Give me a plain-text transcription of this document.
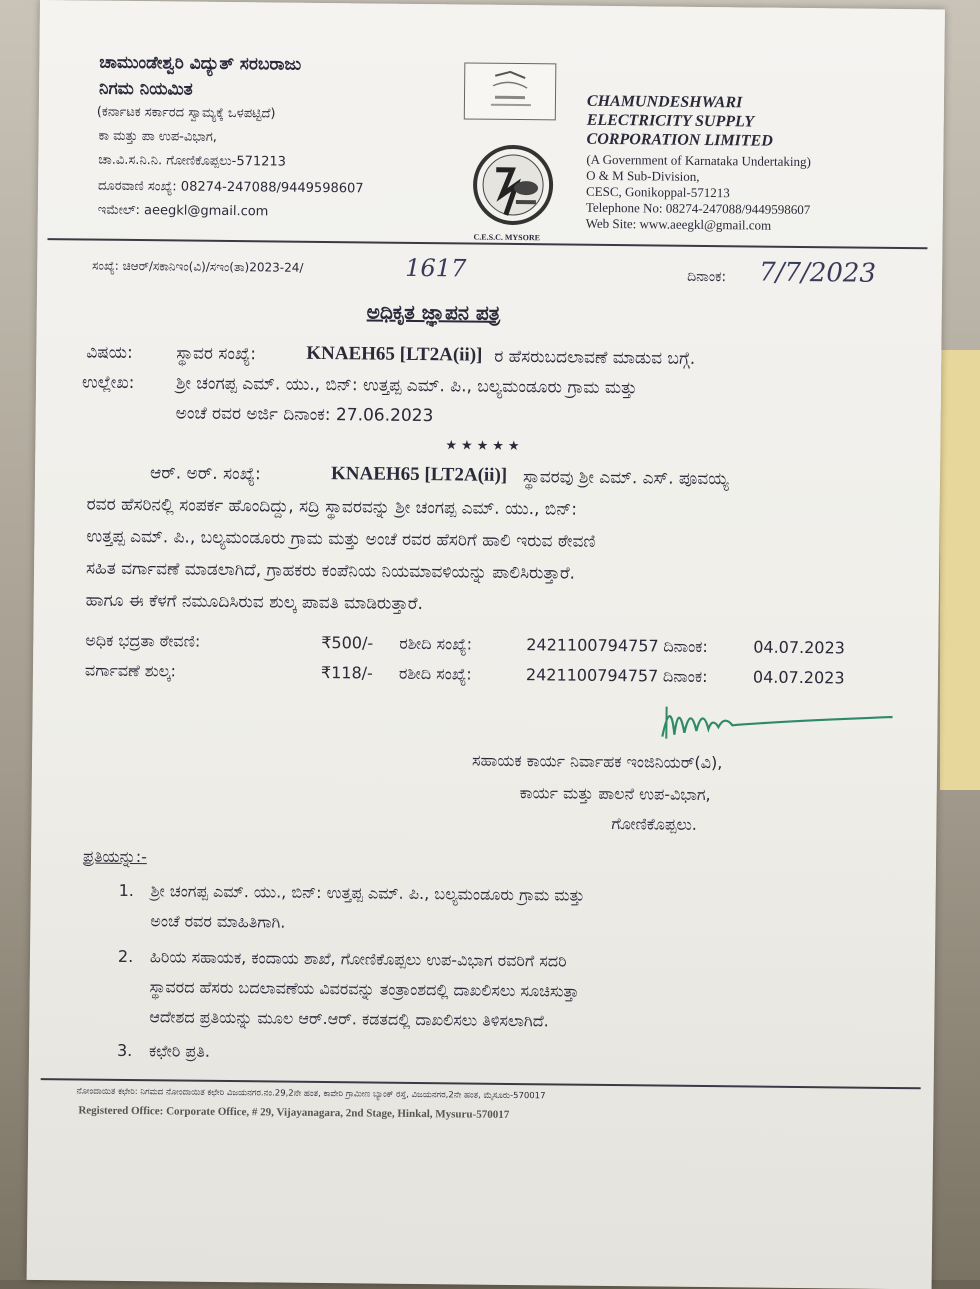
ಚಾಮುಂಡೇಶ್ವರಿ ವಿದ್ಯುತ್ ಸರಬರಾಜು
ನಿಗಮ ನಿಯಮಿತ
(ಕರ್ನಾಟಕ ಸರ್ಕಾರದ ಸ್ವಾಮ್ಯಕ್ಕೆ ಒಳಪಟ್ಟಿದೆ)
ಕಾ ಮತ್ತು ಪಾ ಉಪ-ವಿಭಾಗ,
ಚಾ.ವಿ.ಸ.ನಿ.ನಿ. ಗೋಣಿಕೊಪ್ಪಲು-571213
ದೂರವಾಣಿ ಸಂಖ್ಯೆ: 08274-247088/9449598607
ಇಮೇಲ್: aeegkl@gmail.com
C.E.S.C. MYSORE
CHAMUNDESHWARI
ELECTRICITY SUPPLY
CORPORATION LIMITED
(A Government of Karnataka Undertaking)
O & M Sub-Division,
CESC, Gonikoppal-571213
Telephone No: 08274-247088/9449598607
Web Site: www.aeegkl@gmail.com
ಸಂಖ್ಯೆ: ಚಿಆರ್/ಸಕಾನಿಇಂ(ವಿ)/ಸಇಂ(ತಾ)2023-24/	1617	ದಿನಾಂಕ: 7/7/2023
ಅಧಿಕೃತ ಜ್ಞಾಪನ ಪತ್ರ
ವಿಷಯ:	ಸ್ಥಾವರ ಸಂಖ್ಯೆ:	KNAEH65 [LT2A(ii)] ರ ಹೆಸರುಬದಲಾವಣೆ ಮಾಡುವ ಬಗ್ಗೆ.
ಉಲ್ಲೇಖ: ಶ್ರೀ ಚಂಗಪ್ಪ ಎಮ್. ಯು., ಬಿನ್: ಉತ್ತಪ್ಪ ಎಮ್. ಪಿ., ಬಲ್ಯಮಂಡೂರು ಗ್ರಾಮ ಮತ್ತು
ಅಂಚೆ ರವರ ಅರ್ಜಿ ದಿನಾಂಕ: 27.06.2023
★★★★★
ಆರ್. ಅರ್. ಸಂಖ್ಯೆ:	KNAEH65 [LT2A(ii)] ಸ್ಥಾವರವು ಶ್ರೀ ಎಮ್. ಎಸ್. ಪೂವಯ್ಯ
ರವರ ಹೆಸರಿನಲ್ಲಿ ಸಂಪರ್ಕ ಹೊಂದಿದ್ದು, ಸದ್ರಿ ಸ್ಥಾವರವನ್ನು ಶ್ರೀ ಚಂಗಪ್ಪ ಎಮ್. ಯು., ಬಿನ್:
ಉತ್ತಪ್ಪ ಎಮ್. ಪಿ., ಬಲ್ಯಮಂಡೂರು ಗ್ರಾಮ ಮತ್ತು ಅಂಚೆ ರವರ ಹೆಸರಿಗೆ ಹಾಲಿ ಇರುವ ಠೇವಣಿ
ಸಹಿತ ವರ್ಗಾವಣೆ ಮಾಡಲಾಗಿದೆ, ಗ್ರಾಹಕರು ಕಂಪೆನಿಯ ನಿಯಮಾವಳಿಯನ್ನು ಪಾಲಿಸಿರುತ್ತಾರೆ.
ಹಾಗೂ ಈ ಕೆಳಗೆ ನಮೂದಿಸಿರುವ ಶುಲ್ಕ ಪಾವತಿ ಮಾಡಿರುತ್ತಾರೆ.
ಅಧಿಕ ಭದ್ರತಾ ಠೇವಣಿ:	₹500/- ರಶೀದಿ ಸಂಖ್ಯೆ:	2421100794757 ದಿನಾಂಕ:	04.07.2023
ವರ್ಗಾವಣೆ ಶುಲ್ಕ:	₹118/- ರಶೀದಿ ಸಂಖ್ಯೆ:	2421100794757 ದಿನಾಂಕ:	04.07.2023
ಸಹಾಯಕ ಕಾರ್ಯ ನಿರ್ವಾಹಕ ಇಂಜಿನಿಯರ್(ವಿ),
ಕಾರ್ಯ ಮತ್ತು ಪಾಲನೆ ಉಪ-ವಿಭಾಗ,
ಗೋಣಿಕೊಪ್ಪಲು.
ಪ್ರತಿಯನ್ನು:-
1. ಶ್ರೀ ಚಂಗಪ್ಪ ಎಮ್. ಯು., ಬಿನ್: ಉತ್ತಪ್ಪ ಎಮ್. ಪಿ., ಬಲ್ಯಮಂಡೂರು ಗ್ರಾಮ ಮತ್ತು
ಅಂಚೆ ರವರ ಮಾಹಿತಿಗಾಗಿ.
2. ಹಿರಿಯ ಸಹಾಯಕ, ಕಂದಾಯ ಶಾಖೆ, ಗೋಣಿಕೊಪ್ಪಲು ಉಪ-ವಿಭಾಗ ರವರಿಗೆ ಸದರಿ
ಸ್ಥಾವರದ ಹೆಸರು ಬದಲಾವಣೆಯ ವಿವರವನ್ನು ತಂತ್ರಾಂಶದಲ್ಲಿ ದಾಖಲಿಸಲು ಸೂಚಿಸುತ್ತಾ
ಆದೇಶದ ಪ್ರತಿಯನ್ನು ಮೂಲ ಆರ್.ಆರ್. ಕಡತದಲ್ಲಿ ದಾಖಲಿಸಲು ತಿಳಿಸಲಾಗಿದೆ.
3. ಕಛೇರಿ ಪ್ರತಿ.
ನೋಂದಾಯಿತ ಕಛೇರಿ: ನಿಗಮದ ನೋಂದಾಯಿತ ಕಛೇರಿ ವಿಜಯನಗರ.ನಂ.29,2ನೇ ಹಂತ, ಕಾವೇರಿ ಗ್ರಾಮೀಣ ಬ್ಯಾಂಕ್ ರಸ್ತೆ, ವಿಜಯನಗರ,2ನೇ ಹಂತ, ಮೈಸೂರು-570017
Registered Office: Corporate Office, # 29, Vijayanagara, 2nd Stage, Hinkal, Mysuru-570017
